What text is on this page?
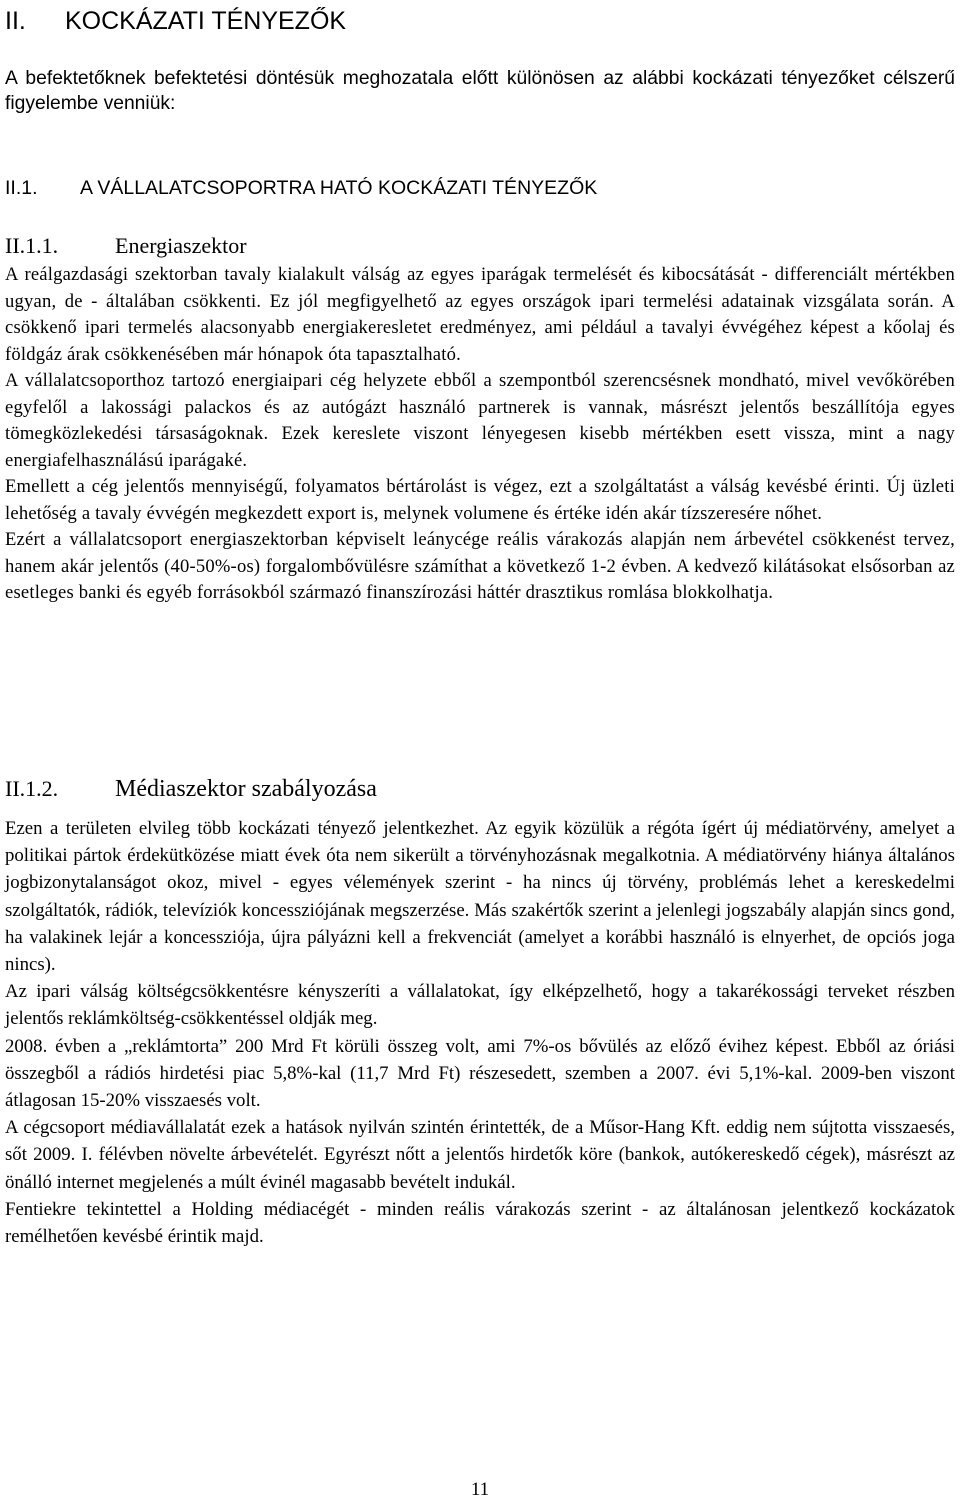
II. KOCKÁZATI TÉNYEZŐK
A befektetőknek befektetési döntésük meghozatala előtt különösen az alábbi kockázati tényezőket célszerű figyelembe venniük:
II.1. A VÁLLALATCSOPORTRA HATÓ KOCKÁZATI TÉNYEZŐK
II.1.1.	Energiaszektor

A reálgazdasági szektorban tavaly kialakult válság az egyes iparágak termelését és kibocsátását - differenciált mértékben ugyan, de - általában csökkenti. Ez jól megfigyelhető az egyes országok ipari termelési adatainak vizsgálata során. A csökkenő ipari termelés alacsonyabb energiakeresletet eredményez, ami például a tavalyi évvégéhez képest a kőolaj és földgáz árak csökkenésében már hónapok óta tapasztalható.

A vállalatcsoporthoz tartozó energiaipari cég helyzete ebből a szempontból szerencsésnek mondható, mivel vevőkörében egyfelől a lakossági palackos és az autógázt használó partnerek is vannak, másrészt jelentős beszállítója egyes tömegközlekedési társaságoknak. Ezek kereslete viszont lényegesen kisebb mértékben esett vissza, mint a nagy energiafelhasználású iparágaké.

Emellett a cég jelentős mennyiségű, folyamatos bértárolást is végez, ezt a szolgáltatást a válság kevésbé érinti. Új üzleti lehetőség a tavaly évvégén megkezdett export is, melynek volumene és értéke idén akár tízszeresére nőhet.

Ezért a vállalatcsoport energiaszektorban képviselt leánycége reális várakozás alapján nem árbevétel csökkenést tervez, hanem akár jelentős (40-50%-os) forgalombővülésre számíthat a következő 1-2 évben. A kedvező kilátásokat elsősorban az esetleges banki és egyéb forrásokból származó finanszírozási háttér drasztikus romlása blokkolhatja.

II.1.2. Médiaszektor szabályozása

Ezen a területen elvileg több kockázati tényező jelentkezhet. Az egyik közülük a régóta ígért új médiatörvény, amelyet a politikai pártok érdekütközése miatt évek óta nem sikerült a törvényhozásnak megalkotnia. A médiatörvény hiánya általános jogbizonytalanságot okoz, mivel - egyes vélemények szerint - ha nincs új törvény, problémás lehet a kereskedelmi szolgáltatók, rádiók, televíziók koncessziójának megszerzése. Más szakértők szerint a jelenlegi jogszabály alapján sincs gond, ha valakinek lejár a koncessziója, újra pályázni kell a frekvenciát (amelyet a korábbi használó is elnyerhet, de opciós joga nincs).

Az ipari válság költségcsökkentésre kényszeríti a vállalatokat, így elképzelhető, hogy a takarékossági terveket részben jelentős reklámköltség-csökkentéssel oldják meg.

2008. évben a „reklámtorta” 200 Mrd Ft körüli összeg volt, ami 7%-os bővülés az előző évihez képest. Ebből az óriási összegből a rádiós hirdetési piac 5,8%-kal (11,7 Mrd Ft) részesedett, szemben a 2007. évi 5,1%-kal. 2009-ben viszont átlagosan 15-20% visszaesés volt.

A cégcsoport médiavállalatát ezek a hatások nyilván szintén érintették, de a Műsor-Hang Kft. eddig nem sújtotta visszaesés, sőt 2009. I. félévben növelte árbevételét. Egyrészt nőtt a jelentős hirdetők köre (bankok, autókereskedő cégek), másrészt az önálló internet megjelenés a múlt évinél magasabb bevételt indukál.

Fentiekre tekintettel a Holding médiacégét - minden reális várakozás szerint - az általánosan jelentkező kockázatok remélhetően kevésbé érintik majd.

11
